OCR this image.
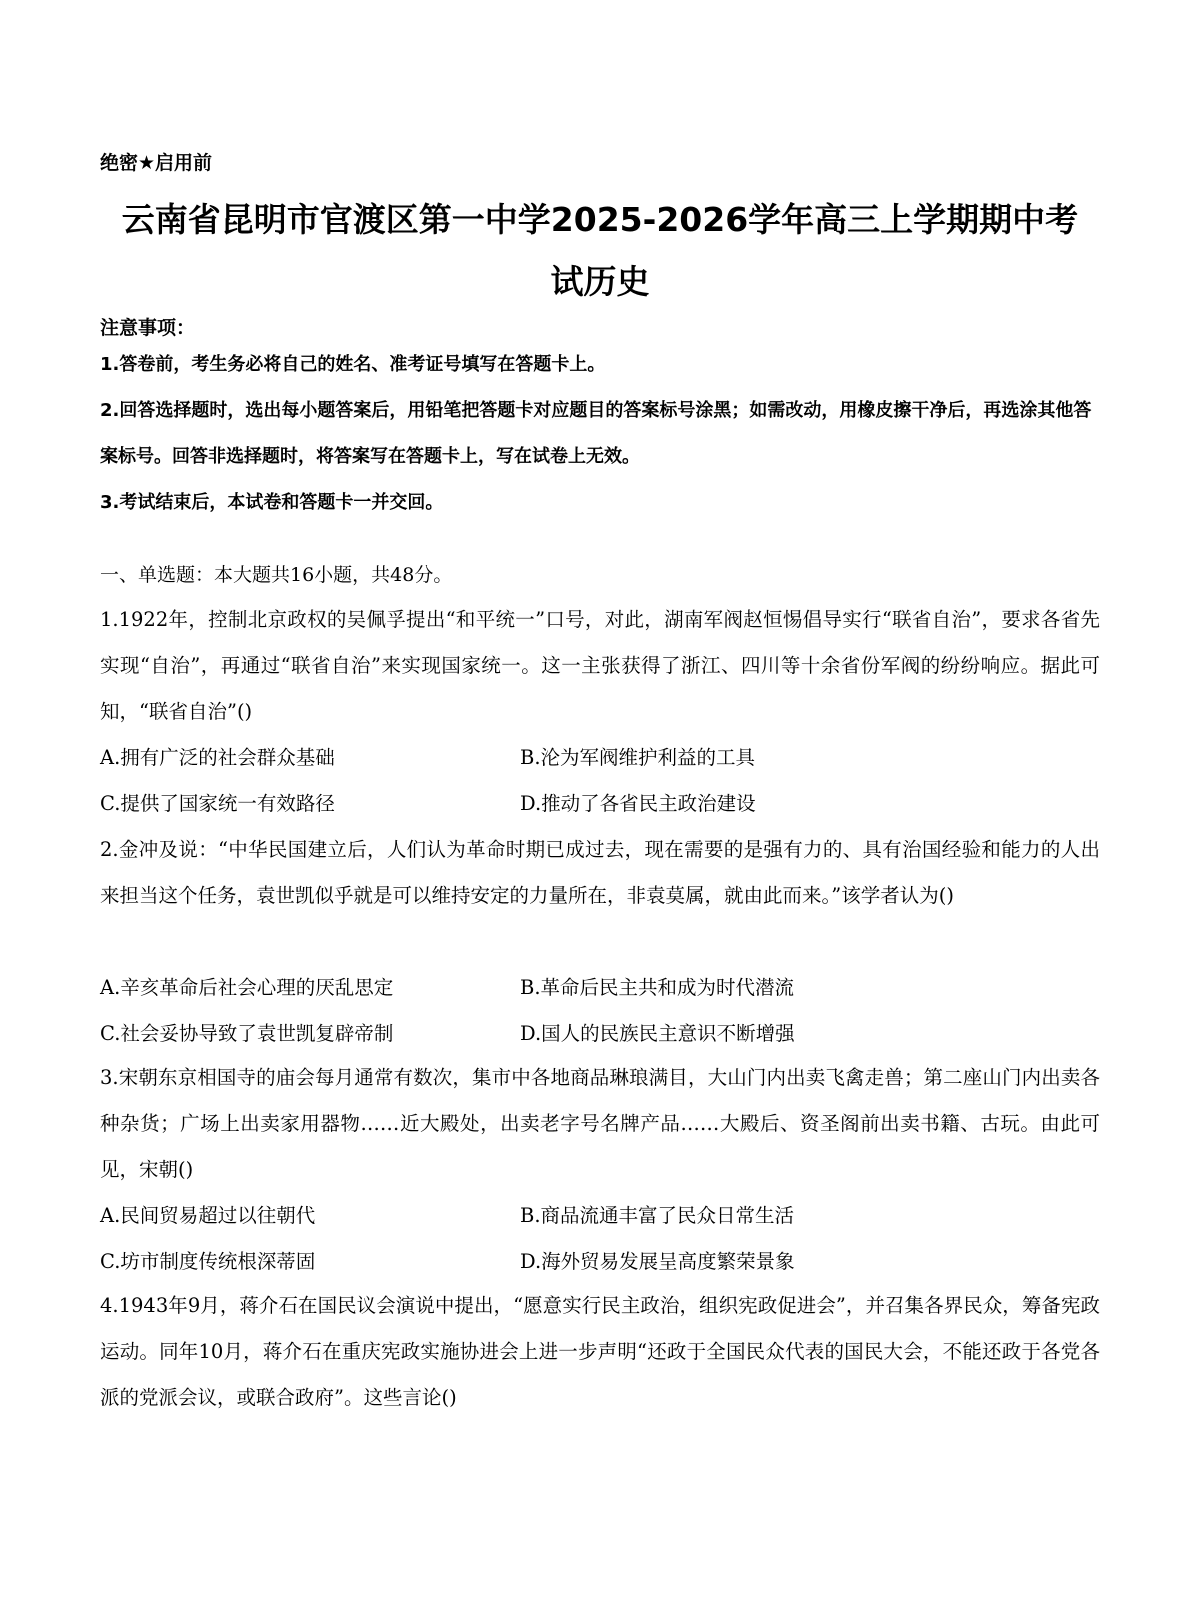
绝密★启用前
云南省昆明市官渡区第一中学2025-2026学年高三上学期期中考
试历史
注意事项：
1.答卷前，考生务必将自己的姓名、准考证号填写在答题卡上。
2.回答选择题时，选出每小题答案后，用铅笔把答题卡对应题目的答案标号涂黑；如需改动，用橡皮擦干净后，再选涂其他答案标号。回答非选择题时，将答案写在答题卡上，写在试卷上无效。
3.考试结束后，本试卷和答题卡一并交回。
一、单选题：本大题共16小题，共48分。
1.1922年，控制北京政权的吴佩孚提出“和平统一”口号，对此，湖南军阀赵恒惕倡导实行“联省自治”，要求各省先实现“自治”，再通过“联省自治”来实现国家统一。这一主张获得了浙江、四川等十余省份军阀的纷纷响应。据此可知，“联省自治”()
A.拥有广泛的社会群众基础	B.沦为军阀维护利益的工具
C.提供了国家统一有效路径	D.推动了各省民主政治建设
2.金冲及说：“中华民国建立后，人们认为革命时期已成过去，现在需要的是强有力的、具有治国经验和能力的人出来担当这个任务，袁世凯似乎就是可以维持安定的力量所在，非袁莫属，就由此而来。”该学者认为()
A.辛亥革命后社会心理的厌乱思定	B.革命后民主共和成为时代潜流
C.社会妥协导致了袁世凯复辟帝制	D.国人的民族民主意识不断增强
3.宋朝东京相国寺的庙会每月通常有数次，集市中各地商品琳琅满目，大山门内出卖飞禽走兽；第二座山门内出卖各种杂货；广场上出卖家用器物……近大殿处，出卖老字号名牌产品……大殿后、资圣阁前出卖书籍、古玩。由此可见，宋朝()
A.民间贸易超过以往朝代	B.商品流通丰富了民众日常生活
C.坊市制度传统根深蒂固	D.海外贸易发展呈高度繁荣景象
4.1943年9月，蒋介石在国民议会演说中提出，“愿意实行民主政治，组织宪政促进会”，并召集各界民众，筹备宪政运动。同年10月，蒋介石在重庆宪政实施协进会上进一步声明“还政于全国民众代表的国民大会，不能还政于各党各派的党派会议，或联合政府”。这些言论()
